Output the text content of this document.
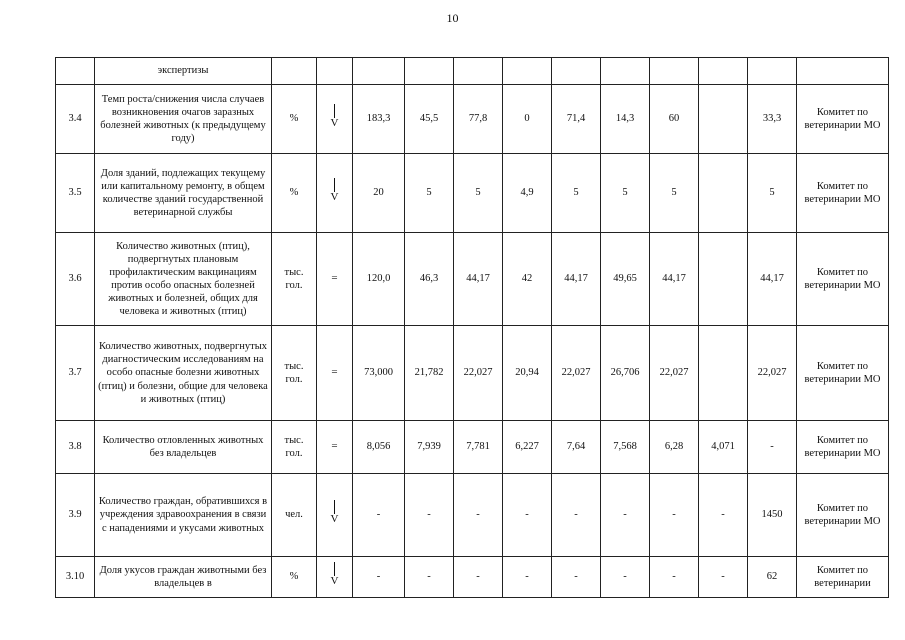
10
	экспертизы												
3.4	Темп роста/снижения числа случаев возникновения очагов заразных болезней животных (к предыдущему году)	%	V	183,3	45,5	77,8	0	71,4	14,3	60		33,3	Комитет по ветеринарии МО
3.5	Доля зданий, подлежащих текущему или капитальному ремонту, в общем количестве зданий государственной ветеринарной службы	%	V	20	5	5	4,9	5	5	5		5	Комитет по ветеринарии МО
3.6	Количество животных (птиц), подвергнутых плановым профилактическим вакцинациям против особо опасных болезней животных и болезней, общих для человека и животных (птиц)	тыс. гол.	=	120,0	46,3	44,17	42	44,17	49,65	44,17		44,17	Комитет по ветеринарии МО
3.7	Количество животных, подвергнутых диагностическим исследованиям на особо опасные болезни животных (птиц) и болезни, общие для человека и животных (птиц)	тыс. гол.	=	73,000	21,782	22,027	20,94	22,027	26,706	22,027		22,027	Комитет по ветеринарии МО
3.8	Количество отловленных животных без владельцев	тыс. гол.	=	8,056	7,939	7,781	6,227	7,64	7,568	6,28	4,071	-	Комитет по ветеринарии МО
3.9	Количество граждан, обратившихся в учреждения здравоохранения в связи с нападениями и укусами животных	чел.	V	-	-	-	-	-	-	-	-	1450	Комитет по ветеринарии МО
3.10	Доля укусов граждан животными без владельцев в	%	V	-	-	-	-	-	-	-	-	62	Комитет по ветеринарии
